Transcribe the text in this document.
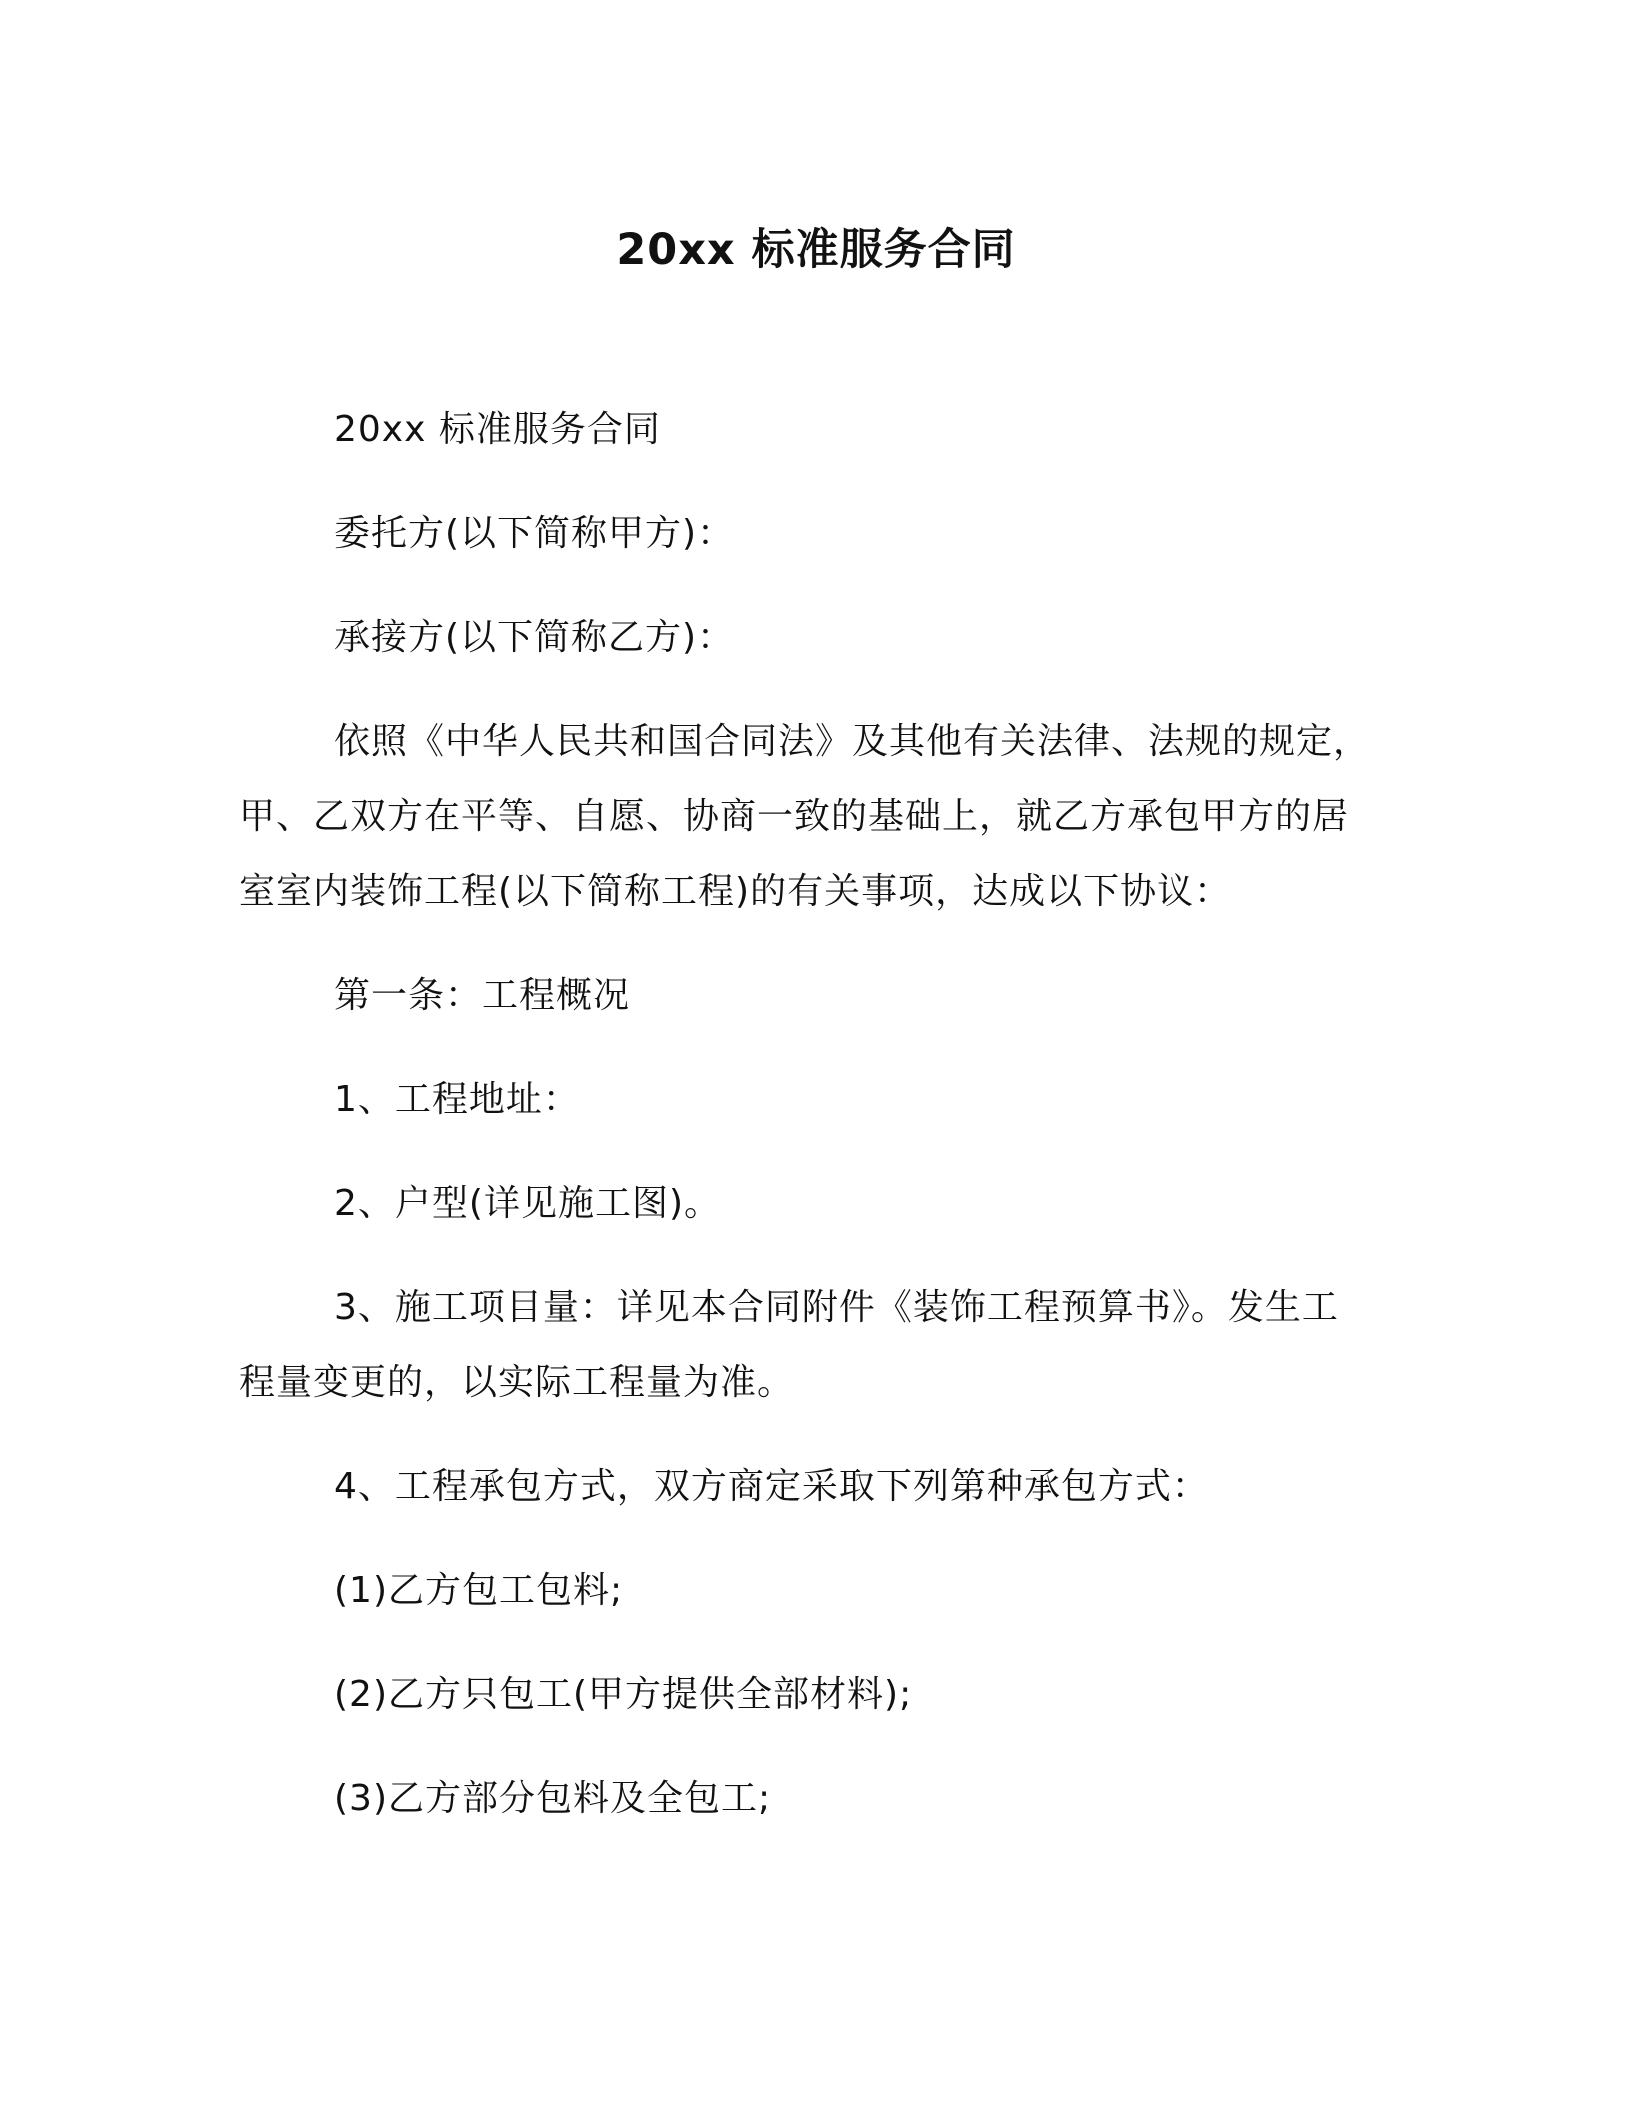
20xx 标准服务合同

20xx 标准服务合同

委托方(以下简称甲方)：

承接方(以下简称乙方)：

依照《中华人民共和国合同法》及其他有关法律、法规的规定，甲、乙双方在平等、自愿、协商一致的基础上，就乙方承包甲方的居室室内装饰工程(以下简称工程)的有关事项，达成以下协议：

第一条：工程概况

1、工程地址：

2、户型(详见施工图)。

3、施工项目量：详见本合同附件《装饰工程预算书》。发生工程量变更的，以实际工程量为准。

4、工程承包方式，双方商定采取下列第种承包方式：

(1)乙方包工包料;

(2)乙方只包工(甲方提供全部材料);

(3)乙方部分包料及全包工;
